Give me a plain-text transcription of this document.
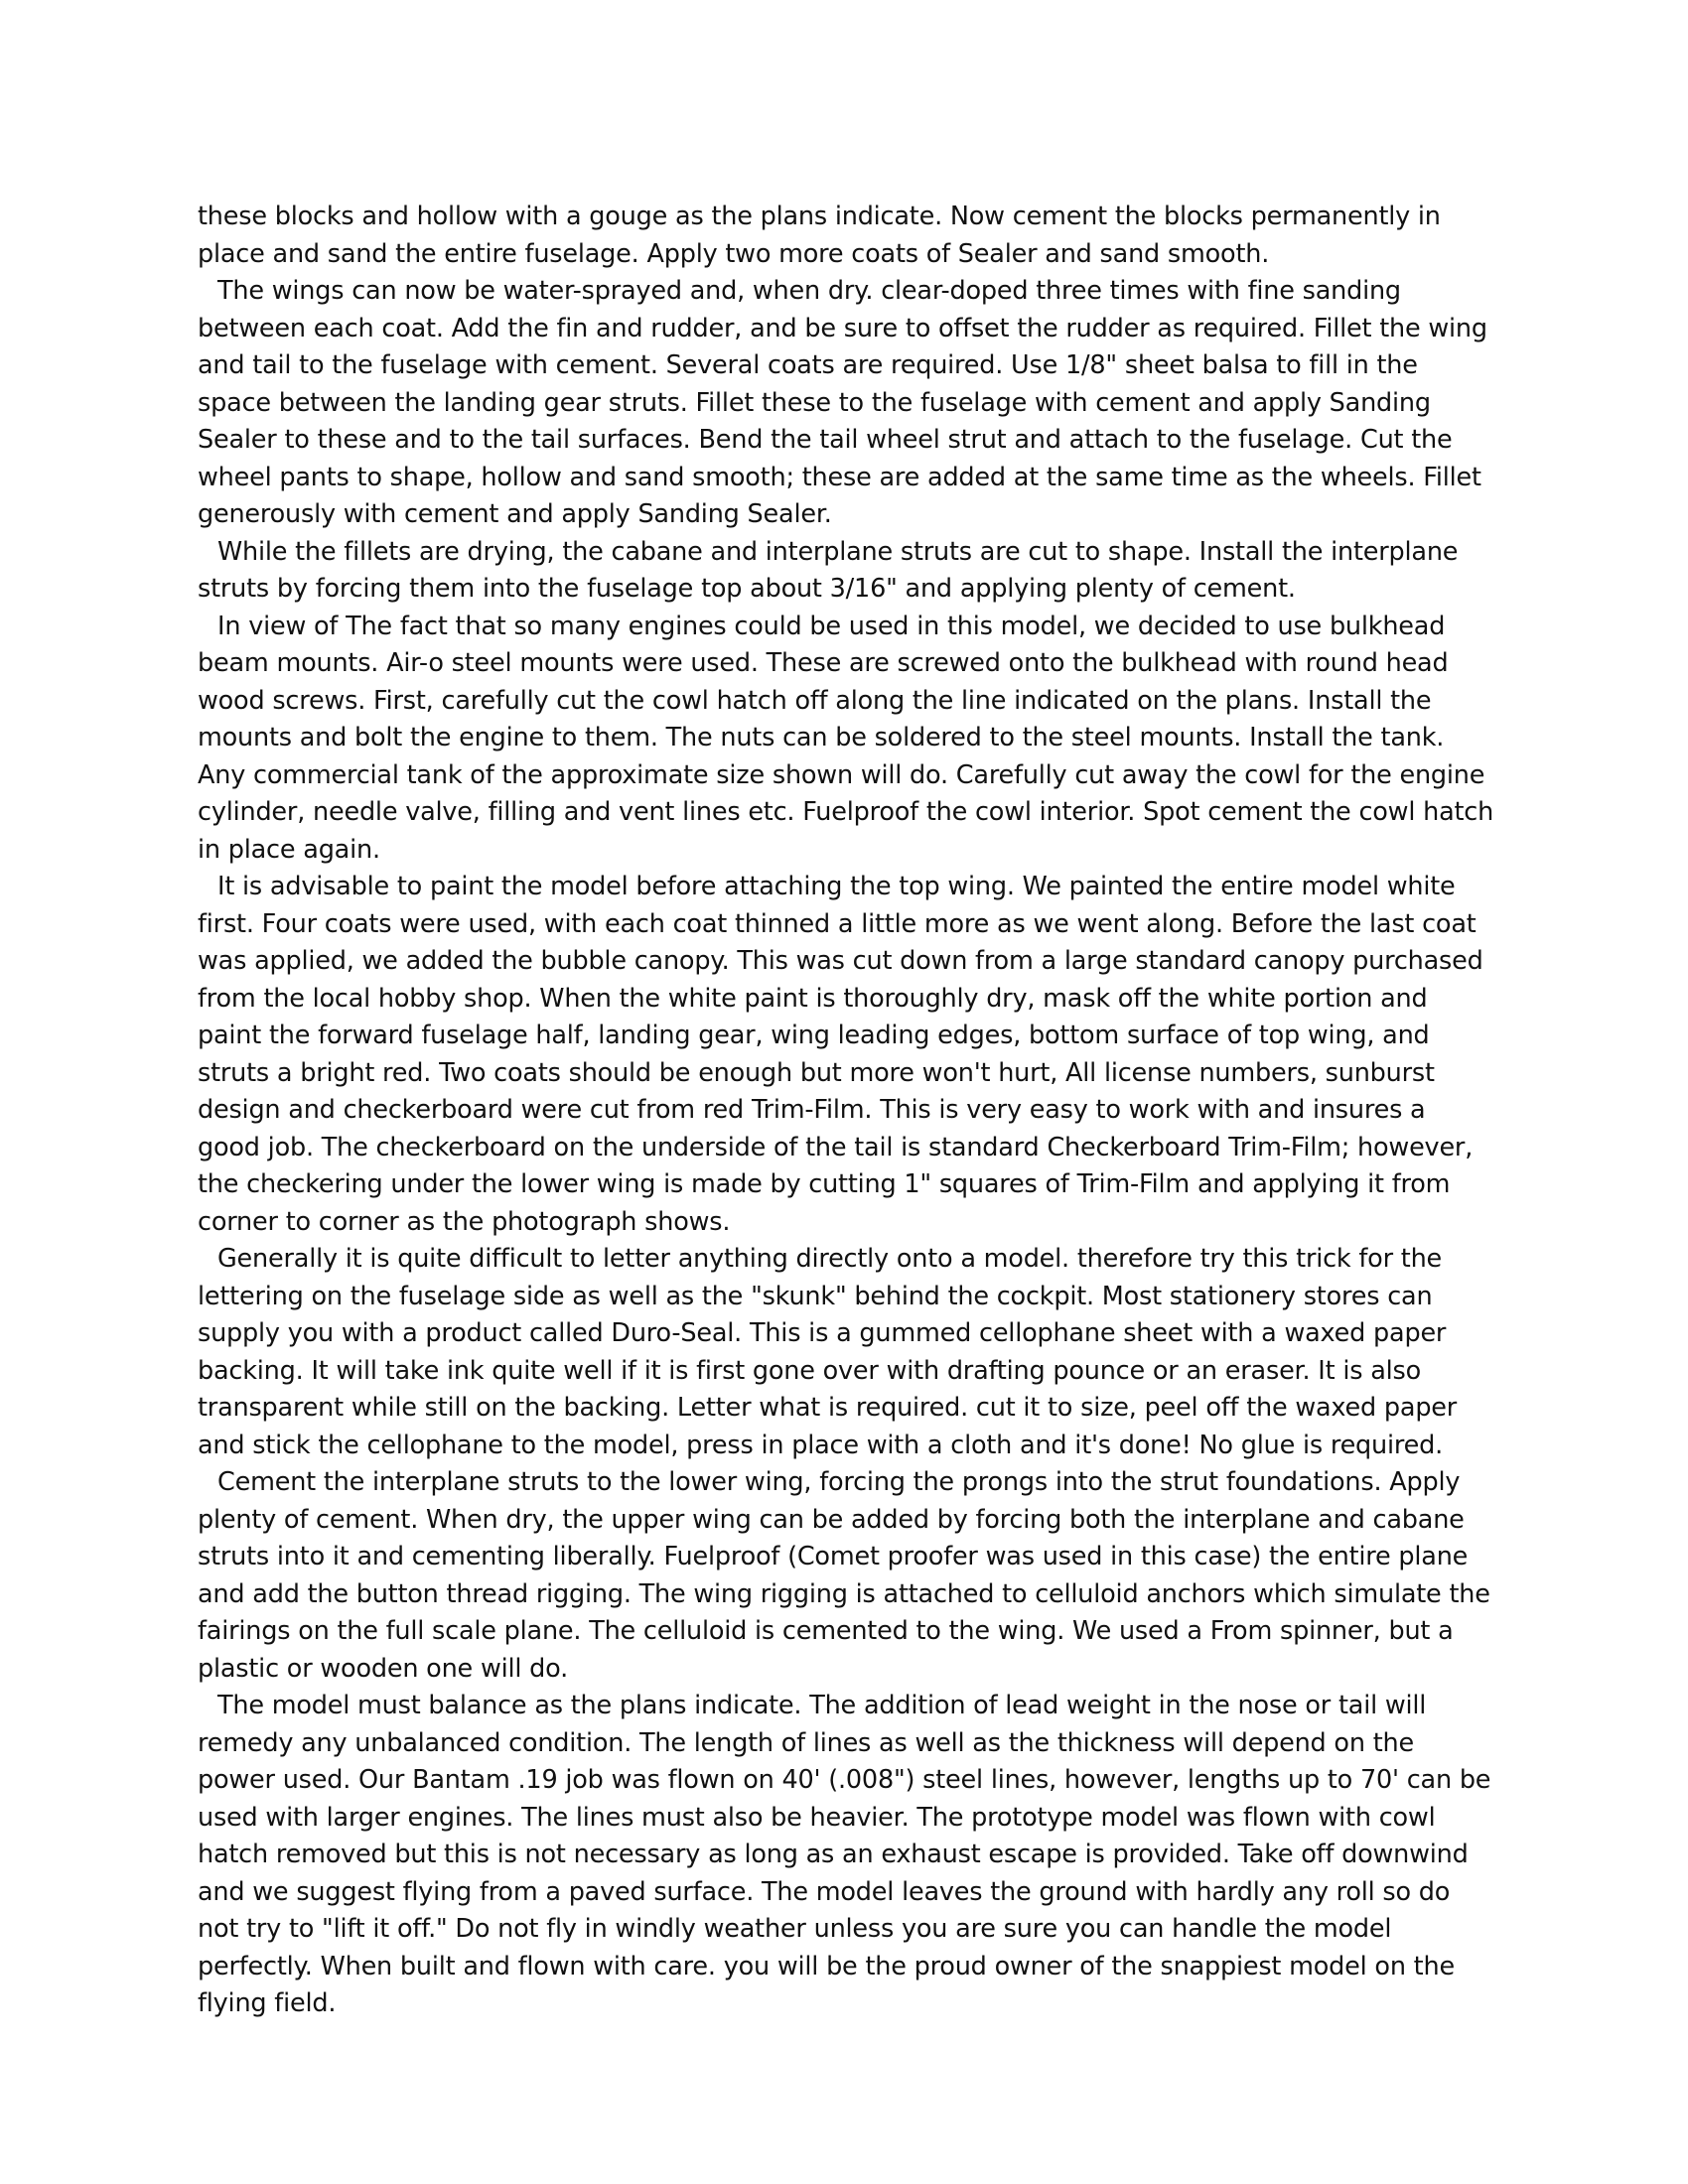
these blocks and hollow with a gouge as the plans indicate. Now cement the blocks permanently in place and sand the entire fuselage. Apply two more coats of Sealer and sand smooth.

The wings can now be water-sprayed and, when dry. clear-doped three times with fine sanding between each coat. Add the fin and rudder, and be sure to offset the rudder as required. Fillet the wing and tail to the fuselage with cement. Several coats are required. Use 1/8" sheet balsa to fill in the space between the landing gear struts. Fillet these to the fuselage with cement and apply Sanding Sealer to these and to the tail surfaces. Bend the tail wheel strut and attach to the fuselage. Cut the wheel pants to shape, hollow and sand smooth; these are added at the same time as the wheels. Fillet generously with cement and apply Sanding Sealer.

While the fillets are drying, the cabane and interplane struts are cut to shape. Install the interplane struts by forcing them into the fuselage top about 3/16" and applying plenty of cement.

In view of The fact that so many engines could be used in this model, we decided to use bulkhead beam mounts. Air-o steel mounts were used. These are screwed onto the bulkhead with round head wood screws. First, carefully cut the cowl hatch off along the line indicated on the plans. Install the mounts and bolt the engine to them. The nuts can be soldered to the steel mounts. Install the tank. Any commercial tank of the approximate size shown will do. Carefully cut away the cowl for the engine cylinder, needle valve, filling and vent lines etc. Fuelproof the cowl interior. Spot cement the cowl hatch in place again.

It is advisable to paint the model before attaching the top wing. We painted the entire model white first. Four coats were used, with each coat thinned a little more as we went along. Before the last coat was applied, we added the bubble canopy. This was cut down from a large standard canopy purchased from the local hobby shop. When the white paint is thoroughly dry, mask off the white portion and paint the forward fuselage half, landing gear, wing leading edges, bottom surface of top wing, and struts a bright red. Two coats should be enough but more won't hurt, All license numbers, sunburst design and checkerboard were cut from red Trim-Film. This is very easy to work with and insures a good job. The checkerboard on the underside of the tail is standard Checkerboard Trim-Film; however, the checkering under the lower wing is made by cutting 1" squares of Trim-Film and applying it from corner to corner as the photograph shows.

Generally it is quite difficult to letter anything directly onto a model. therefore try this trick for the lettering on the fuselage side as well as the "skunk" behind the cockpit. Most stationery stores can supply you with a product called Duro-Seal. This is a gummed cellophane sheet with a waxed paper backing. It will take ink quite well if it is first gone over with drafting pounce or an eraser. It is also transparent while still on the backing. Letter what is required. cut it to size, peel off the waxed paper and stick the cellophane to the model, press in place with a cloth and it's done! No glue is required.

Cement the interplane struts to the lower wing, forcing the prongs into the strut foundations. Apply plenty of cement. When dry, the upper wing can be added by forcing both the interplane and cabane struts into it and cementing liberally. Fuelproof (Comet proofer was used in this case) the entire plane and add the button thread rigging. The wing rigging is attached to celluloid anchors which simulate the fairings on the full scale plane. The celluloid is cemented to the wing. We used a From spinner, but a plastic or wooden one will do.

The model must balance as the plans indicate. The addition of lead weight in the nose or tail will remedy any unbalanced condition. The length of lines as well as the thickness will depend on the power used. Our Bantam .19 job was flown on 40' (.008") steel lines, however, lengths up to 70' can be used with larger engines. The lines must also be heavier. The prototype model was flown with cowl hatch removed but this is not necessary as long as an exhaust escape is provided. Take off downwind and we suggest flying from a paved surface. The model leaves the ground with hardly any roll so do not try to "lift it off." Do not fly in windly weather unless you are sure you can handle the model perfectly. When built and flown with care. you will be the proud owner of the snappiest model on the flying field.
